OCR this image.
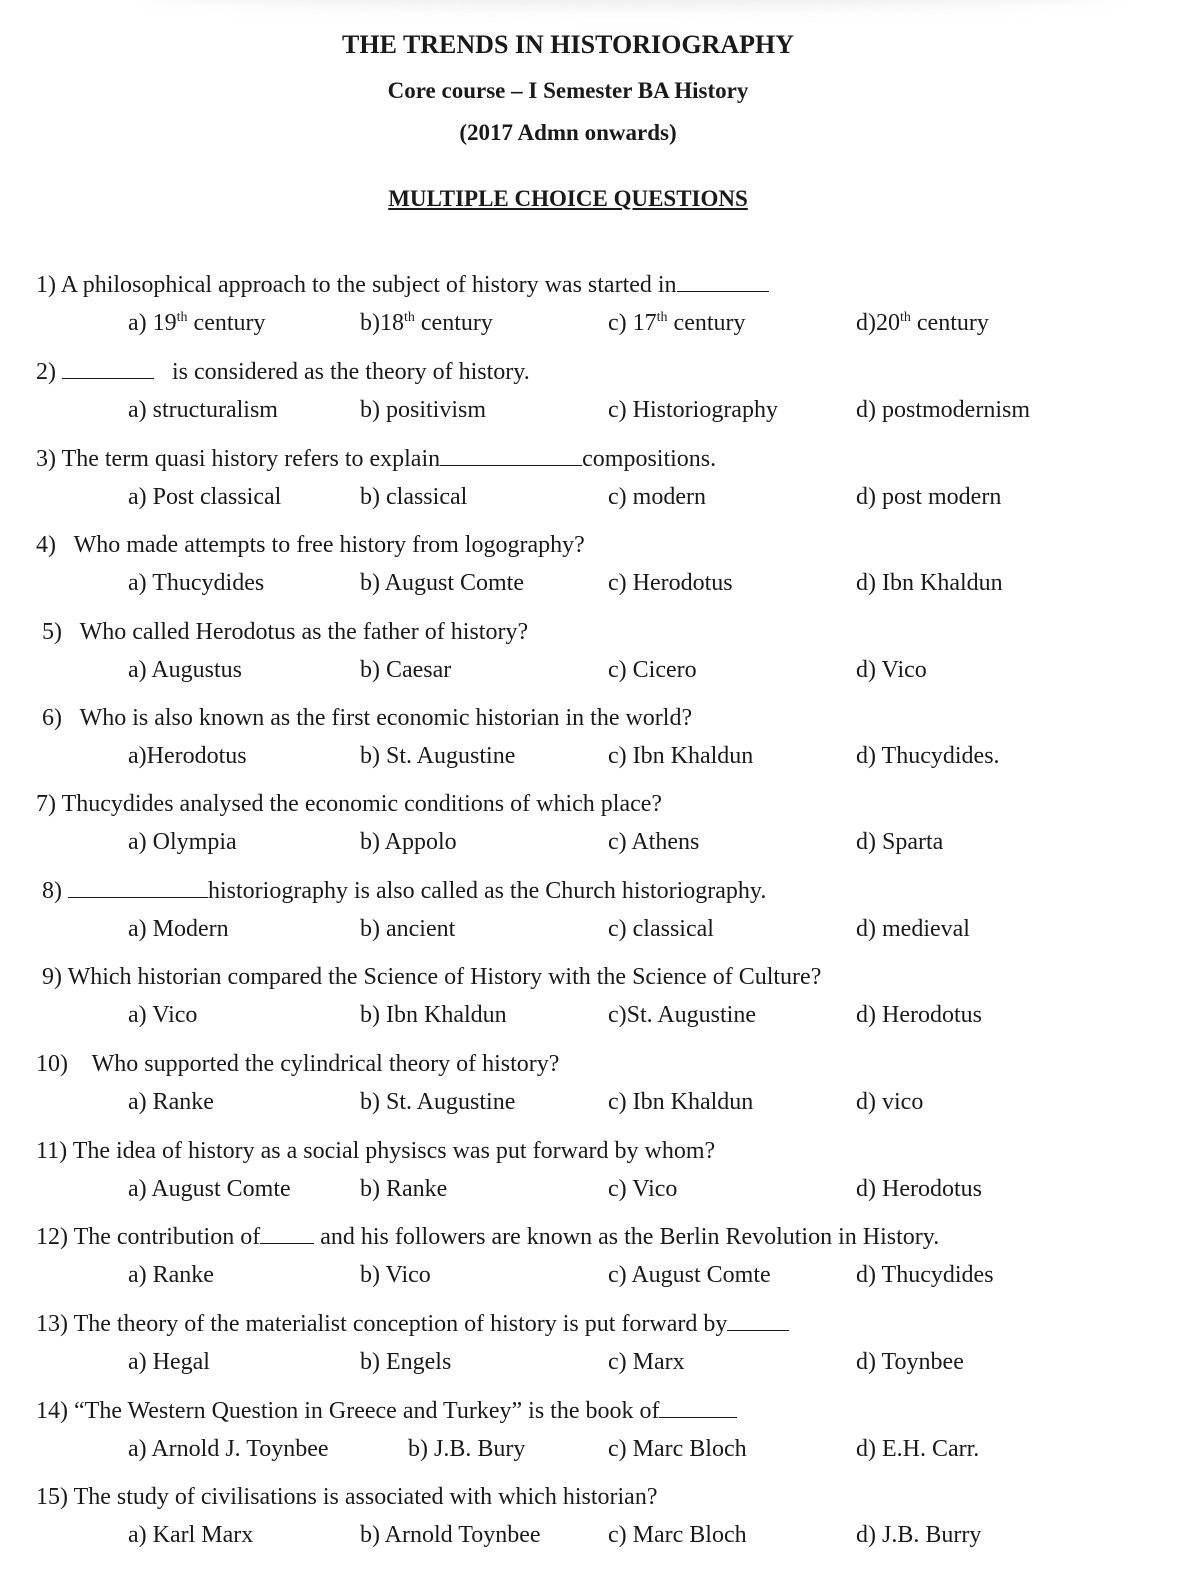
THE TRENDS IN HISTORIOGRAPHY
Core course – I Semester BA History
(2017 Admn onwards)
MULTIPLE CHOICE QUESTIONS
1) A philosophical approach to the subject of history was started in
a) 19th century	b)18th century	c) 17th century	d)20th century
2)	is considered as the theory of history.
a) structuralism	b) positivism	c) Historiography	d) postmodernism
3) The term quasi history refers to explain	compositions.
a) Post classical	b) classical	c) modern	d) post modern
4) Who made attempts to free history from logography?
a) Thucydides	b) August Comte	c) Herodotus	d) Ibn Khaldun
5) Who called Herodotus as the father of history?
a) Augustus	b) Caesar	c) Cicero	d) Vico
6) Who is also known as the first economic historian in the world?
a)Herodotus	b) St. Augustine	c) Ibn Khaldun	d) Thucydides.
7) Thucydides analysed the economic conditions of which place?
a) Olympia	b) Appolo	c) Athens	d) Sparta
8)	historiography is also called as the Church historiography.
a) Modern	b) ancient	c) classical	d) medieval
9) Which historian compared the Science of History with the Science of Culture?
a) Vico	b) Ibn Khaldun	c)St. Augustine	d) Herodotus
10) Who supported the cylindrical theory of history?
a) Ranke	b) St. Augustine	c) Ibn Khaldun	d) vico
11) The idea of history as a social physiscs was put forward by whom?
a) August Comte	b) Ranke	c) Vico	d) Herodotus
12) The contribution of	and his followers are known as the Berlin Revolution in History.
a) Ranke	b) Vico	c) August Comte	d) Thucydides
13) The theory of the materialist conception of history is put forward by
a) Hegal	b) Engels	c) Marx	d) Toynbee
14) “The Western Question in Greece and Turkey” is the book of
a) Arnold J. Toynbee	b) J.B. Bury	c) Marc Bloch	d) E.H. Carr.
15) The study of civilisations is associated with which historian?
a) Karl Marx	b) Arnold Toynbee	c) Marc Bloch	d) J.B. Burry
